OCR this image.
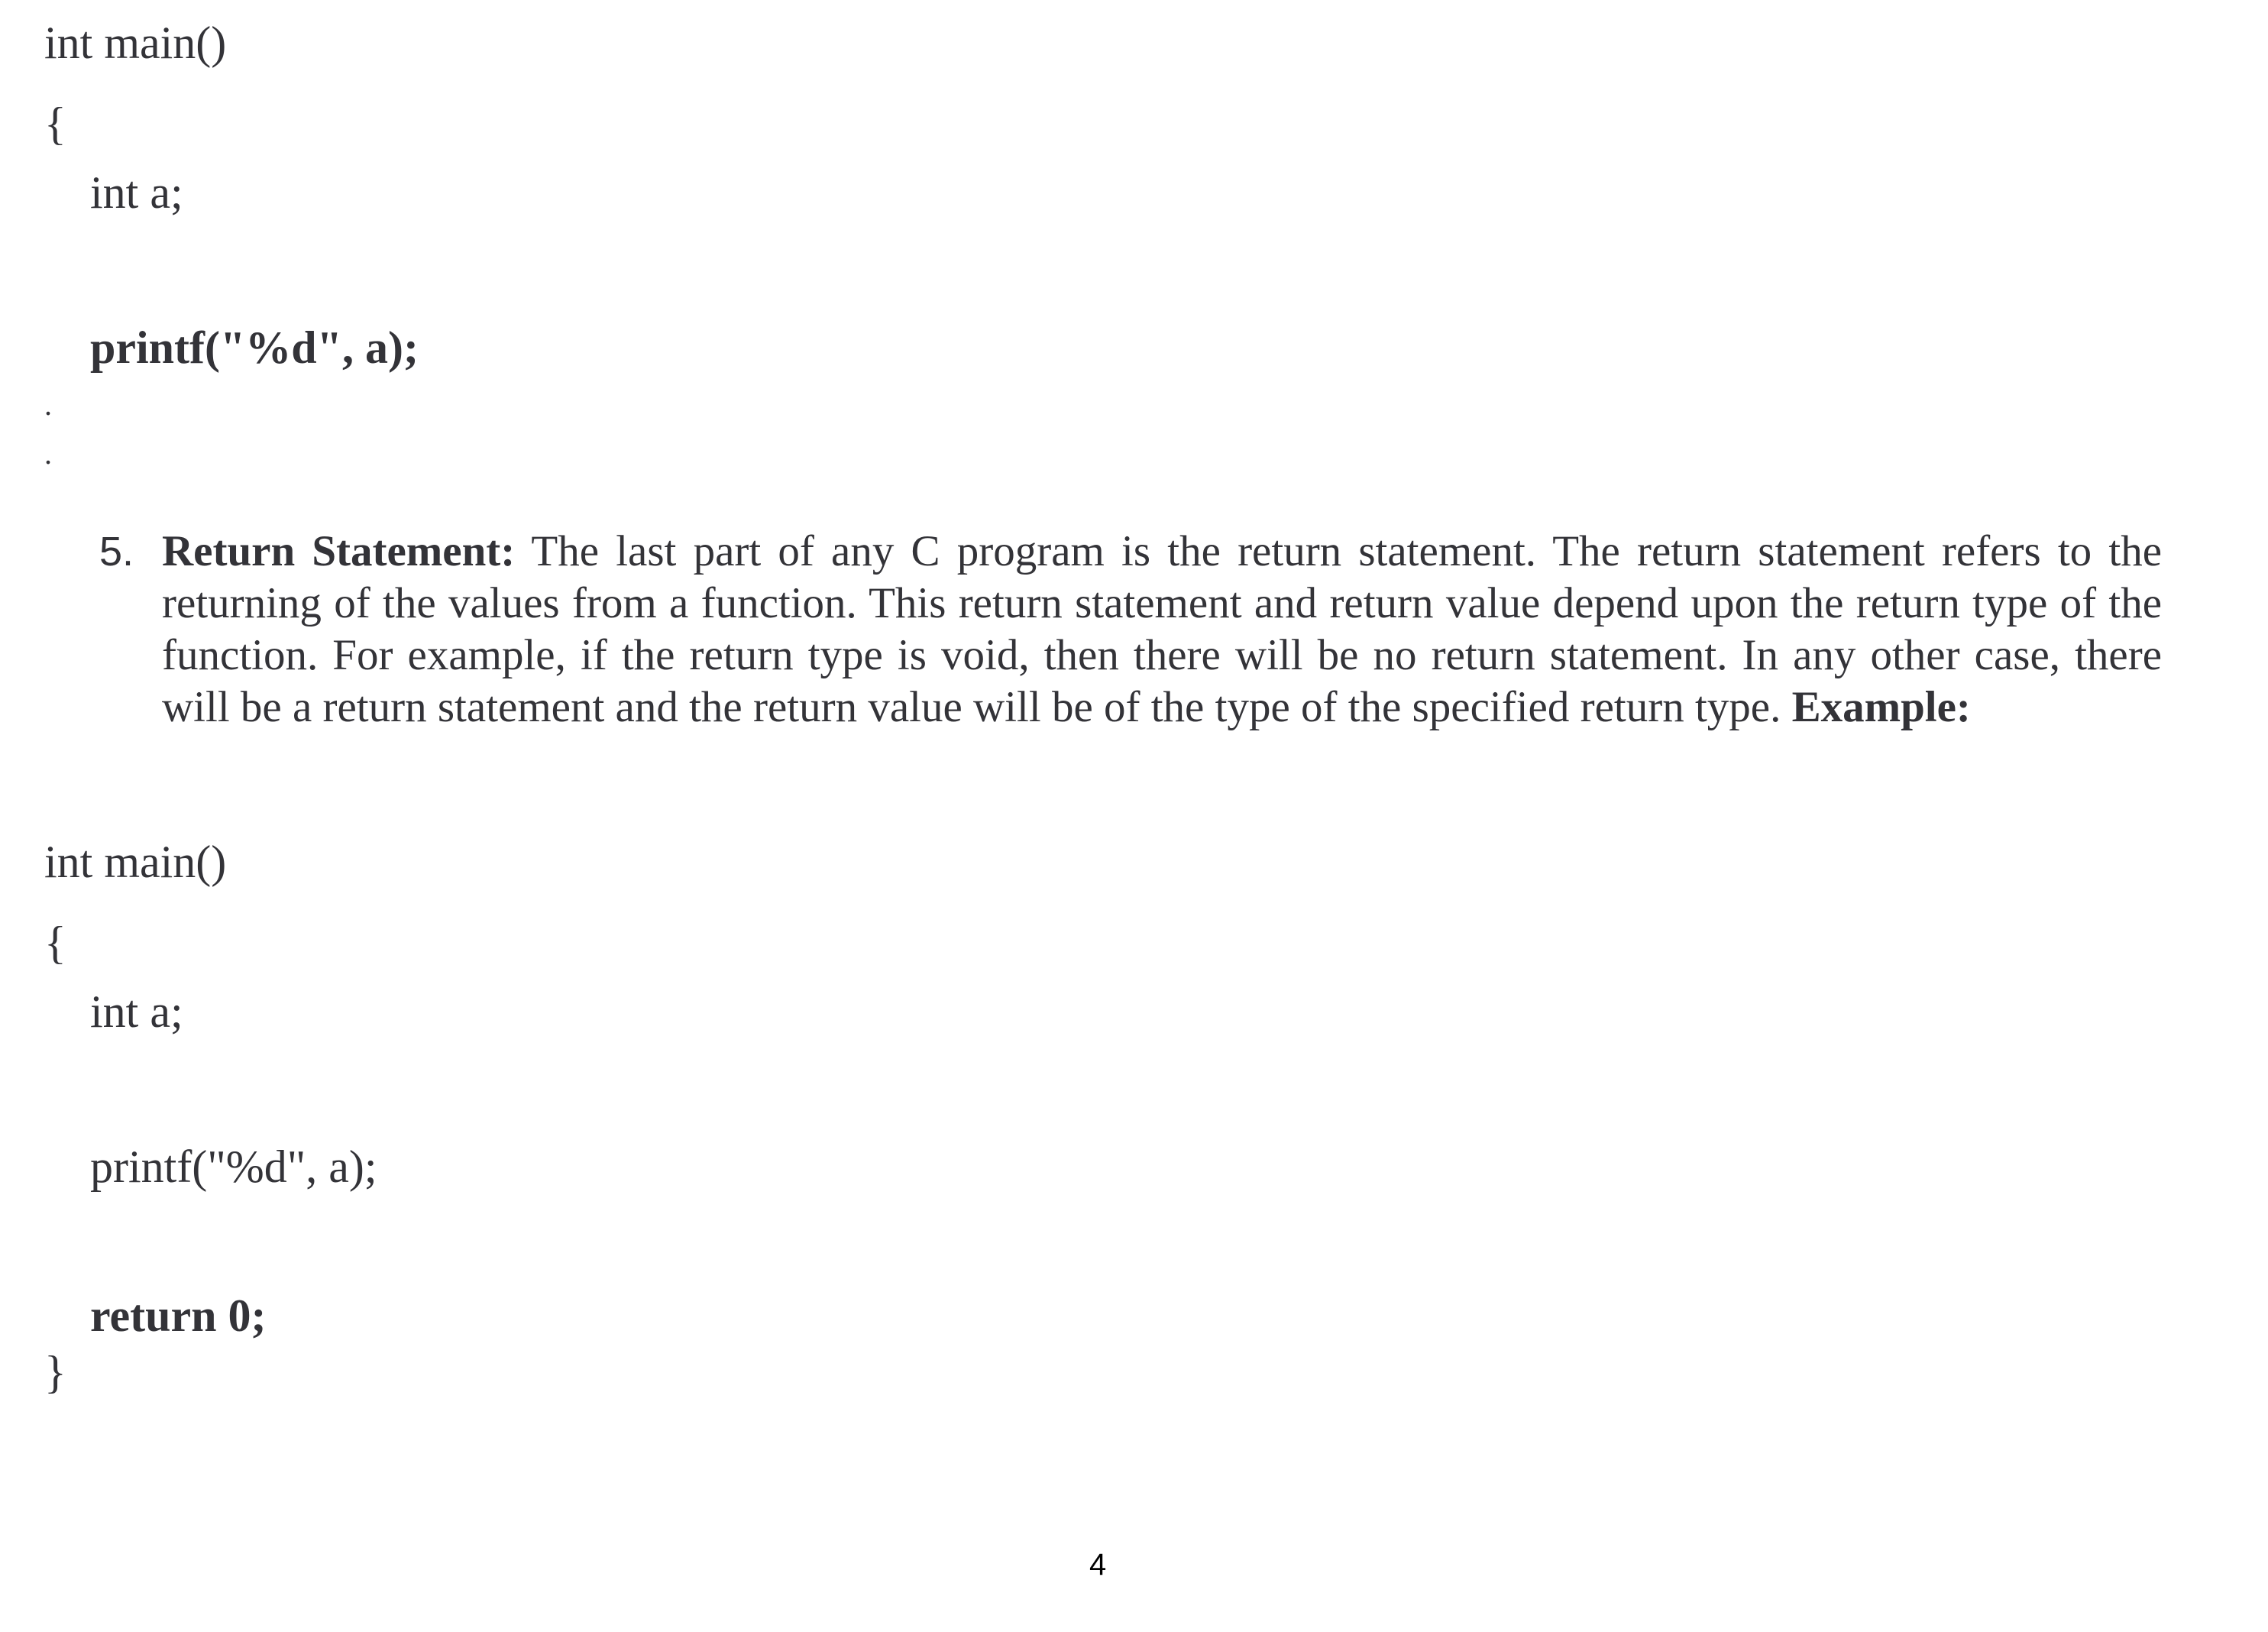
int main()
{
int a;
printf("%d", a);
.
.
5. Return Statement: The last part of any C program is the return statement. The return statement refers to the returning of the values from a function. This return statement and return value depend upon the return type of the function. For example, if the return type is void, then there will be no return statement. In any other case, there will be a return statement and the return value will be of the type of the specified return type. Example:
int main()
{
int a;
printf("%d", a);
return 0;
}
4
